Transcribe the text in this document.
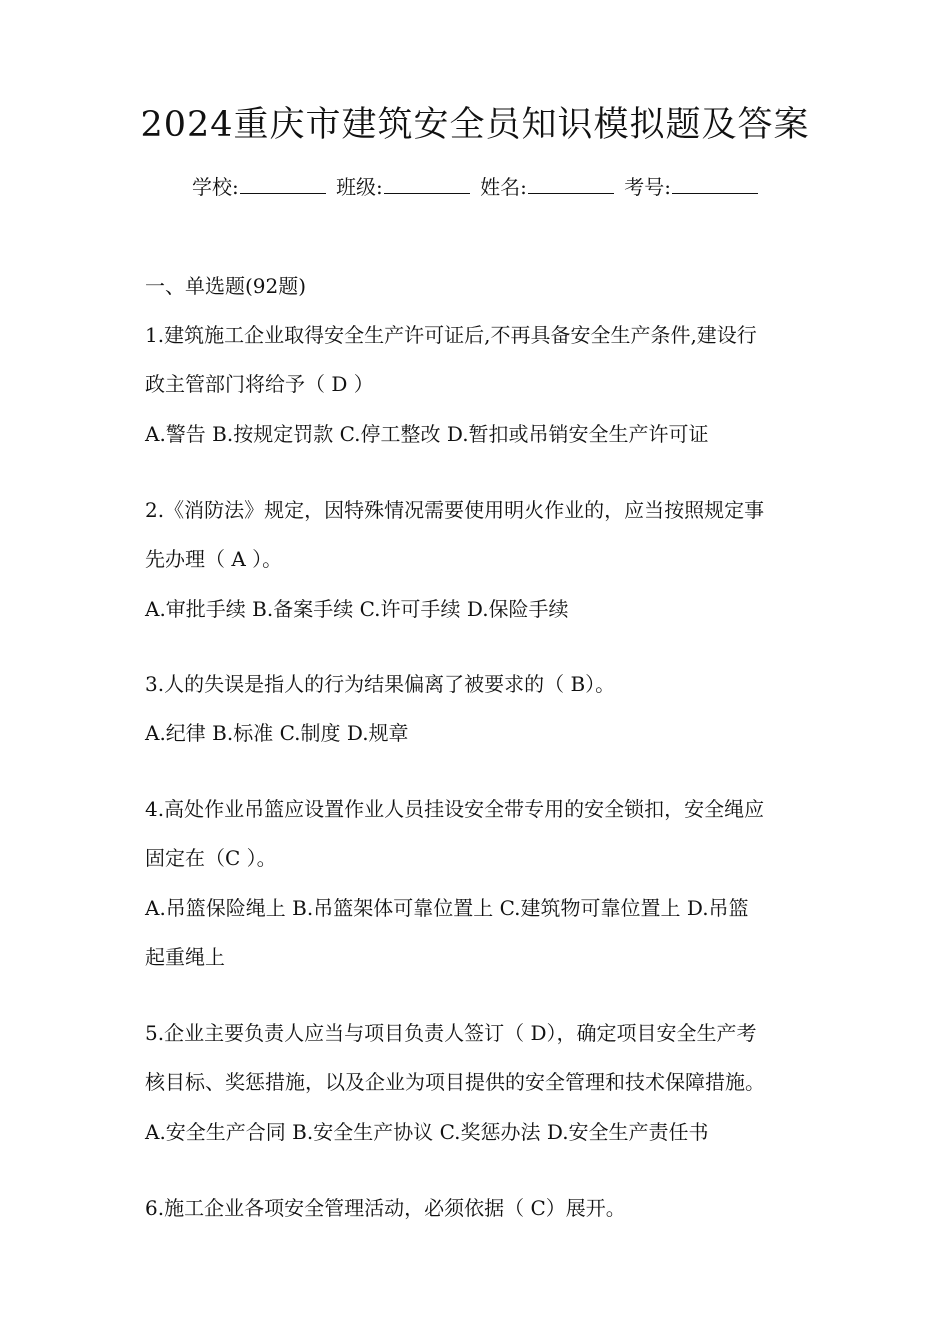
2024重庆市建筑安全员知识模拟题及答案
学校:	班级:	姓名:	考号:
一、单选题(92题)
1.建筑施工企业取得安全生产许可证后,不再具备安全生产条件,建设行
政主管部门将给予（ D ）
A.警告 B.按规定罚款 C.停工整改 D.暂扣或吊销安全生产许可证
2.《消防法》规定，因特殊情况需要使用明火作业的，应当按照规定事
先办理（ A ）。
A.审批手续 B.备案手续 C.许可手续 D.保险手续
3.人的失误是指人的行为结果偏离了被要求的（ B）。
A.纪律 B.标准 C.制度 D.规章
4.高处作业吊篮应设置作业人员挂设安全带专用的安全锁扣，安全绳应
固定在（C ）。
A.吊篮保险绳上 B.吊篮架体可靠位置上 C.建筑物可靠位置上 D.吊篮
起重绳上
5.企业主要负责人应当与项目负责人签订（ D），确定项目安全生产考
核目标、奖惩措施，以及企业为项目提供的安全管理和技术保障措施。
A.安全生产合同 B.安全生产协议 C.奖惩办法 D.安全生产责任书
6.施工企业各项安全管理活动，必须依据（ C）展开。
